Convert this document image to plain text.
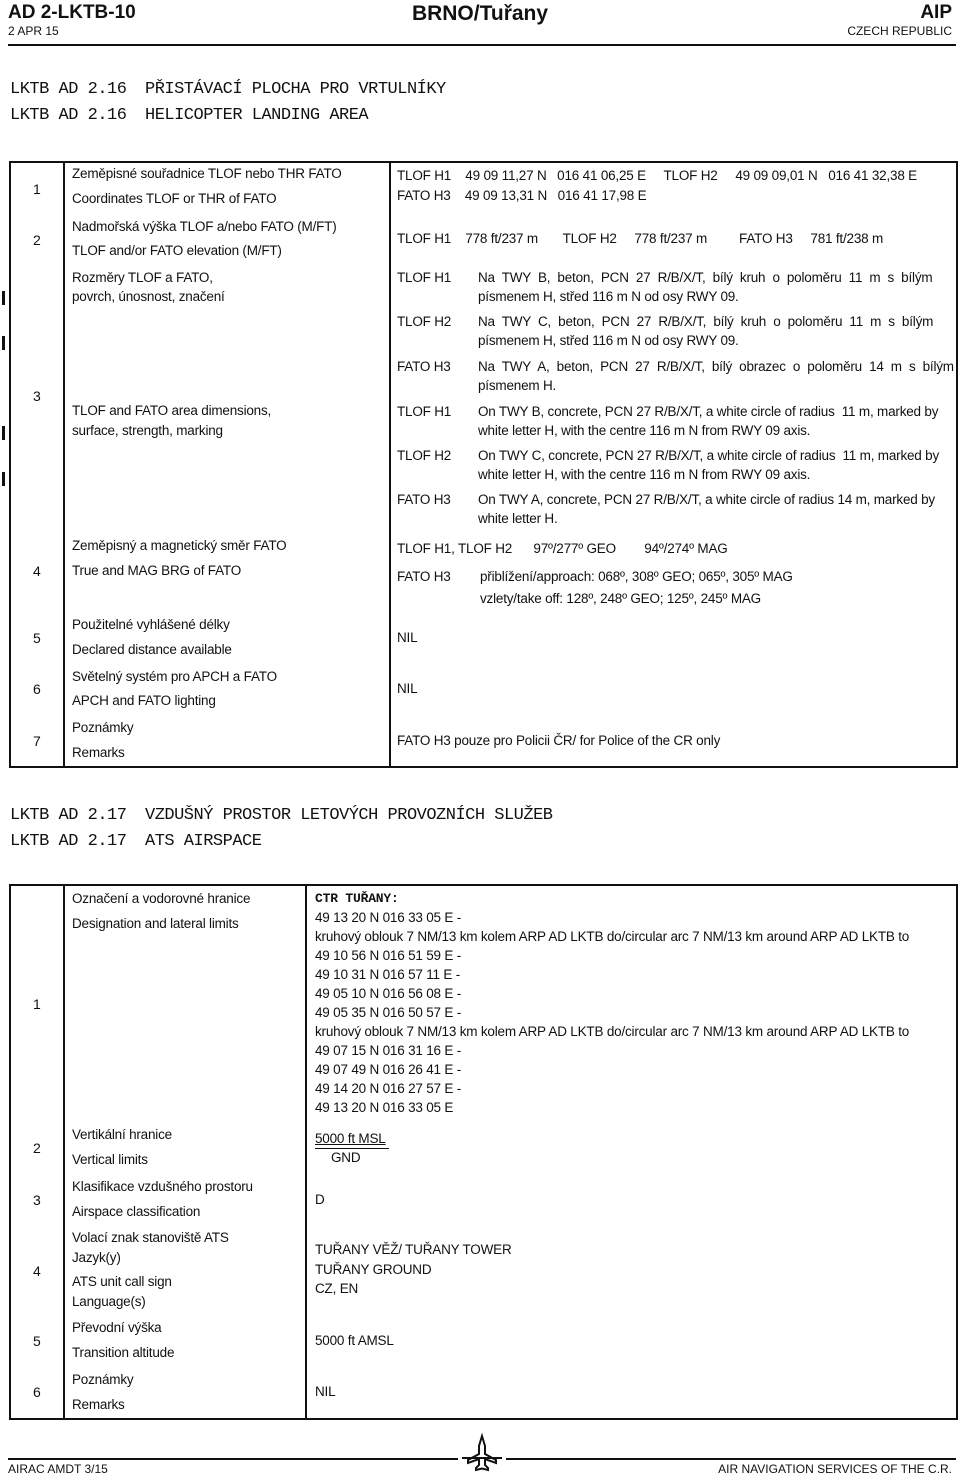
AD 2-LKTB-10
2 APR 15
BRNO/Tuřany	AIP
CZECH REPUBLIC
LKTB AD 2.16 PŘISTÁVACÍ PLOCHA PRO VRTULNÍKY
LKTB AD 2.16 HELICOPTER LANDING AREA
1
Zeměpisné souřadnice TLOF nebo THR FATO
Coordinates TLOF or THR of FATO
TLOF H1    49 09 11,27 N   016 41 06,25 E     TLOF H2     49 09 09,01 N   016 41 32,38 E
FATO H3    49 09 13,31 N   016 41 17,98 E
2
Nadmořská výška TLOF a/nebo FATO (M/FT)
TLOF and/or FATO elevation (M/FT)
TLOF H1    778 ft/237 m       TLOF H2     778 ft/237 m         FATO H3     781 ft/238 m
3
Rozměry TLOF a FATO,
povrch, únosnost, značení
TLOF and FATO area dimensions,
surface, strength, marking
TLOF H1 Na  TWY  B,  beton,  PCN  27  R/B/X/T,  bílý  kruh  o  poloměru  11  m  s  bílým
písmenem H, střed 116 m N od osy RWY 09.
TLOF H2 Na  TWY  C,  beton,  PCN  27  R/B/X/T,  bílý  kruh  o  poloměru  11  m  s  bílým
písmenem H, střed 116 m N od osy RWY 09.
FATO H3 Na  TWY  A,  beton,  PCN  27  R/B/X/T,  bílý  obrazec  o  poloměru  14  m  s  bílým
písmenem H.
TLOF H1 On TWY B, concrete, PCN 27 R/B/X/T, a white circle of radius  11 m, marked by
white letter H, with the centre 116 m N from RWY 09 axis.
TLOF H2 On TWY C, concrete, PCN 27 R/B/X/T, a white circle of radius  11 m, marked by
white letter H, with the centre 116 m N from RWY 09 axis.
FATO H3 On TWY A, concrete, PCN 27 R/B/X/T, a white circle of radius 14 m, marked by
white letter H.
4
Zeměpisný a magnetický směr FATO
True and MAG BRG of FATO
TLOF H1, TLOF H2      97º/277º GEO        94º/274º MAG
FATO H3 přiblížení/approach: 068º, 308º GEO; 065º, 305º MAG
vzlety/take off: 128º, 248º GEO; 125º, 245º MAG
5
Použitelné vyhlášené délky
Declared distance available
NIL
6
Světelný systém pro APCH a FATO
APCH and FATO lighting
NIL
7
Poznámky
Remarks
FATO H3 pouze pro Policii ČR/ for Police of the CR only
LKTB AD 2.17 VZDUŠNÝ PROSTOR LETOVÝCH PROVOZNÍCH SLUŽEB
LKTB AD 2.17 ATS AIRSPACE
1
Označení a vodorovné hranice
Designation and lateral limits
CTR TUŘANY:
49 13 20 N 016 33 05 E -
kruhový oblouk 7 NM/13 km kolem ARP AD LKTB do/circular arc 7 NM/13 km around ARP AD LKTB to
49 10 56 N 016 51 59 E -
49 10 31 N 016 57 11 E -
49 05 10 N 016 56 08 E -
49 05 35 N 016 50 57 E -
kruhový oblouk 7 NM/13 km kolem ARP AD LKTB do/circular arc 7 NM/13 km around ARP AD LKTB to
49 07 15 N 016 31 16 E -
49 07 49 N 016 26 41 E -
49 14 20 N 016 27 57 E -
49 13 20 N 016 33 05 E
2
Vertikální hranice
Vertical limits
5000 ft MSL
GND
3
Klasifikace vzdušného prostoru
Airspace classification
D
4
Volací znak stanoviště ATS
Jazyk(y)
ATS unit call sign
Language(s)
TUŘANY VĚŽ/ TUŘANY TOWER
TUŘANY GROUND
CZ, EN
5
Převodní výška
Transition altitude
5000 ft AMSL
6
Poznámky
Remarks
NIL
AIRAC AMDT 3/15	AIR NAVIGATION SERVICES OF THE C.R.
